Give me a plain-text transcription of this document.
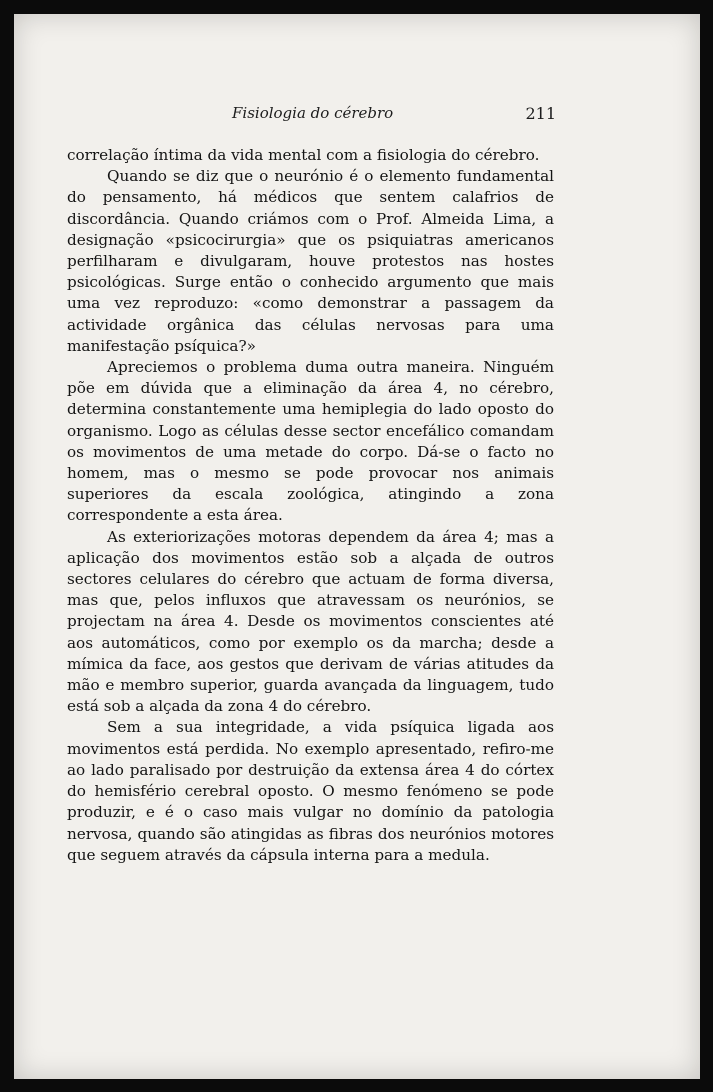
Fisiologia do cérebro	211

correlação íntima da vida mental com a fisiologia do cérebro.

Quando se diz que o neurónio é o elemento fundamental do pensamento, há médicos que sentem calafrios de discordância. Quando criámos com o Prof. Almeida Lima, a designação «psicocirurgia» que os psiquiatras americanos perfilharam e divulgaram, houve protestos nas hostes psicológicas. Surge então o conhecido argumento que mais uma vez reproduzo: «como demonstrar a passagem da actividade orgânica das células nervosas para uma manifestação psíquica?»

Apreciemos o problema duma outra maneira. Ninguém põe em dúvida que a eliminação da área 4, no cérebro, determina constantemente uma hemiplegia do lado oposto do organismo. Logo as células desse sector encefálico comandam os movimentos de uma metade do corpo. Dá-se o facto no homem, mas o mesmo se pode provocar nos animais superiores da escala zoológica, atingindo a zona correspondente a esta área.

As exteriorizações motoras dependem da área 4; mas a aplicação dos movimentos estão sob a alçada de outros sectores celulares do cérebro que actuam de forma diversa, mas que, pelos influxos que atravessam os neurónios, se projectam na área 4. Desde os movimentos conscientes até aos automáticos, como por exemplo os da marcha; desde a mímica da face, aos gestos que derivam de várias atitudes da mão e membro superior, guarda avançada da linguagem, tudo está sob a alçada da zona 4 do cérebro.

Sem a sua integridade, a vida psíquica ligada aos movimentos está perdida. No exemplo apresentado, refiro-me ao lado paralisado por destruição da extensa área 4 do córtex do hemisfério cerebral oposto. O mesmo fenómeno se pode produzir, e é o caso mais vulgar no domínio da patologia nervosa, quando são atingidas as fibras dos neurónios motores que seguem através da cápsula interna para a medula.
